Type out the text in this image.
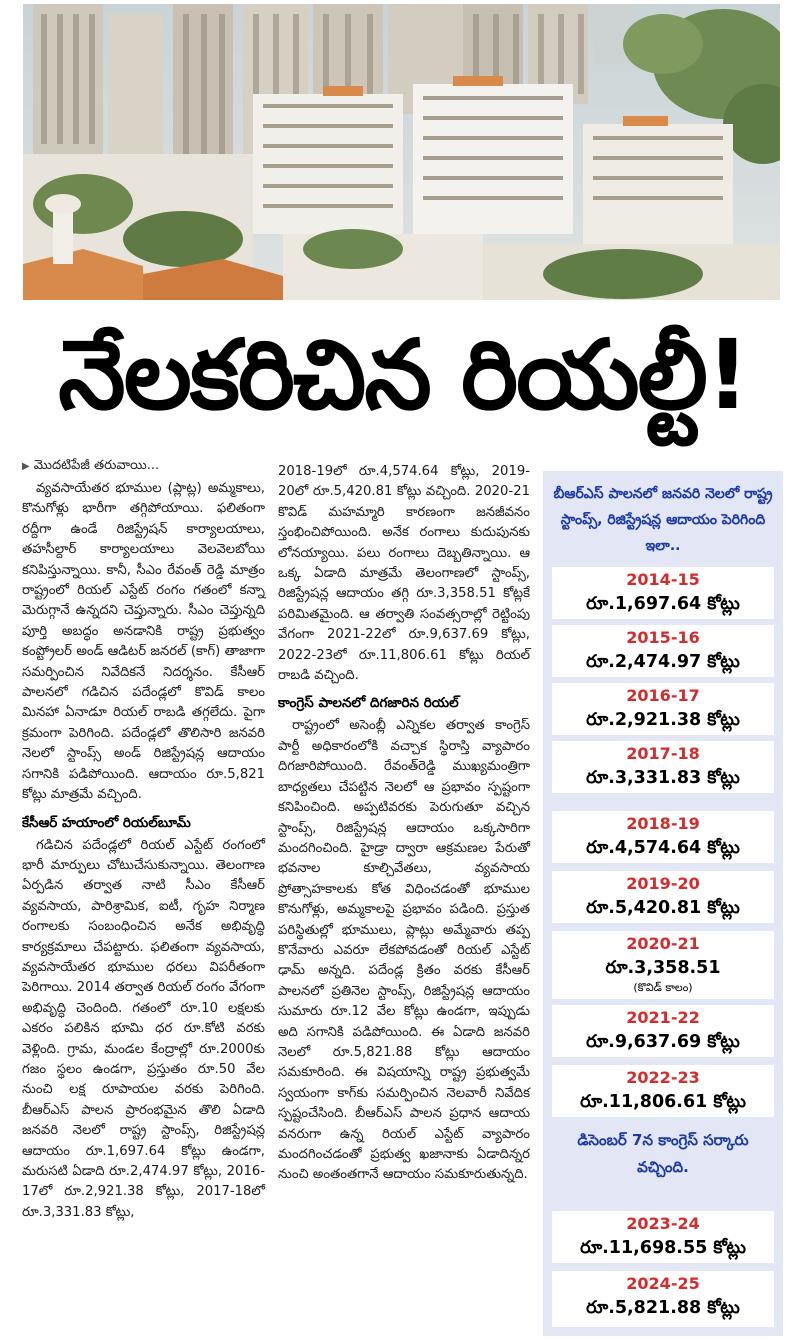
నేలకరిచిన రియల్టీ!
▶ మొదటిపేజీ తరువాయి...

వ్యవసాయేతర భూముల (ప్లాట్ల) అమ్మకాలు, కొనుగోళ్లు భారీగా తగ్గిపోయాయి. ఫలితంగా రద్దీగా ఉండే రిజిస్ట్రేషన్ కార్యాలయాలు, తహసీల్దార్ కార్యాలయాలు వెలవెలబోయి కనిపిస్తున్నాయి. కానీ, సీఎం రేవంత్ రెడ్డి మాత్రం రాష్ట్రంలో రియల్ ఎస్టేట్ రంగం గతంలో కన్నా మెరుగ్గానే ఉన్నదని చెప్తున్నారు. సీఎం చెప్తున్నది పూర్తి అబద్ధం అనడానికి రాష్ట్ర ప్రభుత్వం కంప్ట్రోలర్ అండ్ ఆడిటర్ జనరల్ (కాగ్) తాజాగా సమర్పించిన నివేదికనే నిదర్శనం. కేసీఆర్ పాలనలో గడిచిన పదేండ్లలో కొవిడ్ కాలం మినహా ఏనాడూ రియల్ రాబడి తగ్గలేదు. పైగా క్రమంగా పెరిగింది. పదేండ్లలో తొలిసారి జనవరి నెలలో స్టాంప్స్ అండ్ రిజిస్ట్రేషన్ల ఆదాయం సగానికి పడిపోయింది. ఆదాయం రూ.5,821 కోట్లు మాత్రమే వచ్చింది.

కేసీఆర్ హయాంలో రియల్‌బూమ్

గడిచిన పదేండ్లలో రియల్ ఎస్టేట్ రంగంలో భారీ మార్పులు చోటుచేసుకున్నాయి. తెలంగాణ ఏర్పడిన తర్వాత నాటి సీఎం కేసీఆర్ వ్యవసాయ, పారిశ్రామిక, ఐటీ, గృహ నిర్మాణ రంగాలకు సంబంధించిన అనేక అభివృద్ధి కార్యక్రమాలు చేపట్టారు. ఫలితంగా వ్యవసాయ, వ్యవసాయేతర భూముల ధరలు విపరీతంగా పెరిగాయి. 2014 తర్వాత రియల్ రంగం వేగంగా అభివృద్ధి చెందింది. గతంలో రూ.10 లక్షలకు ఎకరం పలికిన భూమి ధర రూ.కోటి వరకు వెళ్లింది. గ్రామ, మండల కేంద్రాల్లో రూ.2000కు గజం స్థలం ఉండగా, ప్రస్తుతం రూ.50 వేల నుంచి లక్ష రూపాయల వరకు పెరిగింది. బీఆర్ఎస్ పాలన ప్రారంభమైన తొలి ఏడాది జనవరి నెలలో రాష్ట్ర స్టాంప్స్, రిజిస్ట్రేషన్ల ఆదాయం రూ.1,697.64 కోట్లు ఉండగా, మరుసటి ఏడాది రూ.2,474.97 కోట్లు, 2016-17లో రూ.2,921.38 కోట్లు, 2017-18లో రూ.3,331.83 కోట్లు,

2018-19లో రూ.4,574.64 కోట్లు, 2019-20లో రూ.5,420.81 కోట్లు వచ్చింది. 2020-21 కొవిడ్ మహమ్మారి కారణంగా జనజీవనం స్తంభించిపోయింది. అనేక రంగాలు కుదుపునకు లోనయ్యాయి. పలు రంగాలు దెబ్బతిన్నాయి. ఆ ఒక్క ఏడాది మాత్రమే తెలంగాణలో స్టాంప్స్, రిజిస్ట్రేషన్ల ఆదాయం తగ్గి రూ.3,358.51 కోట్లకే పరిమితమైంది. ఆ తర్వాతి సంవత్సరాల్లో రెట్టింపు వేగంగా 2021-22లో రూ.9,637.69 కోట్లు, 2022-23లో రూ.11,806.61 కోట్లు రియల్ రాబడి వచ్చింది.

కాంగ్రెస్ పాలనలో దిగజారిన రియల్

రాష్ట్రంలో అసెంబ్లీ ఎన్నికల తర్వాత కాంగ్రెస్ పార్టీ అధికారంలోకి వచ్చాక స్థిరాస్తి వ్యాపారం దిగజారిపోయింది. రేవంత్‌రెడ్డి ముఖ్యమంత్రిగా బాధ్యతలు చేపట్టిన నెలలో ఆ ప్రభావం స్పష్టంగా కనిపించింది. అప్పటివరకు పెరుగుతూ వచ్చిన స్టాంప్స్, రిజిస్ట్రేషన్ల ఆదాయం ఒక్కసారిగా మందగించింది. హైడ్రా ద్వారా ఆక్రమణల పేరుతో భవనాల కూల్చివేతలు, వ్యవసాయ ప్రోత్సాహకాలకు కోత విధించడంతో భూముల కొనుగోళ్లు, అమ్మకాలపై ప్రభావం పడింది. ప్రస్తుత పరిస్థితుల్లో భూములు, ప్లాట్లు అమ్మేవారు తప్ప కొనేవారు ఎవరూ లేకపోవడంతో రియల్ ఎస్టేట్ ఢామ్ అన్నది. పదేండ్ల క్రితం వరకు కేసీఆర్ పాలనలో ప్రతినెల స్టాంప్స్, రిజిస్ట్రేషన్ల ఆదాయం సుమారు రూ.12 వేల కోట్లు ఉండగా, ఇప్పుడు అది సగానికి పడిపోయింది. ఈ ఏడాది జనవరి నెలలో రూ.5,821.88 కోట్లు ఆదాయం సమకూరింది. ఈ విషయాన్ని రాష్ట్ర ప్రభుత్వమే స్వయంగా కాగ్‌కు సమర్పించిన నెలవారీ నివేదిక స్పష్టంచేసింది. బీఆర్ఎస్ పాలన ప్రధాన ఆదాయ వనరుగా ఉన్న రియల్ ఎస్టేట్ వ్యాపారం మందగించడంతో ప్రభుత్వ ఖజానాకు ఏడాదిన్నర నుంచి అంతంతగానే ఆదాయం సమకూరుతున్నది.

బీఆర్ఎస్ పాలనలో జనవరి నెలలో రాష్ట్ర స్టాంప్స్, రిజిస్ట్రేషన్ల ఆదాయం పెరిగింది ఇలా..
2014-15
రూ.1,697.64 కోట్లు
2015-16
రూ.2,474.97 కోట్లు
2016-17
రూ.2,921.38 కోట్లు
2017-18
రూ.3,331.83 కోట్లు
2018-19
రూ.4,574.64 కోట్లు
2019-20
రూ.5,420.81 కోట్లు
2020-21
రూ.3,358.51
(కొవిడ్ కాలం)
2021-22
రూ.9,637.69 కోట్లు
2022-23
రూ.11,806.61 కోట్లు
డిసెంబర్ 7న కాంగ్రెస్ సర్కారు వచ్చింది.
2023-24
రూ.11,698.55 కోట్లు
2024-25
రూ.5,821.88 కోట్లు
